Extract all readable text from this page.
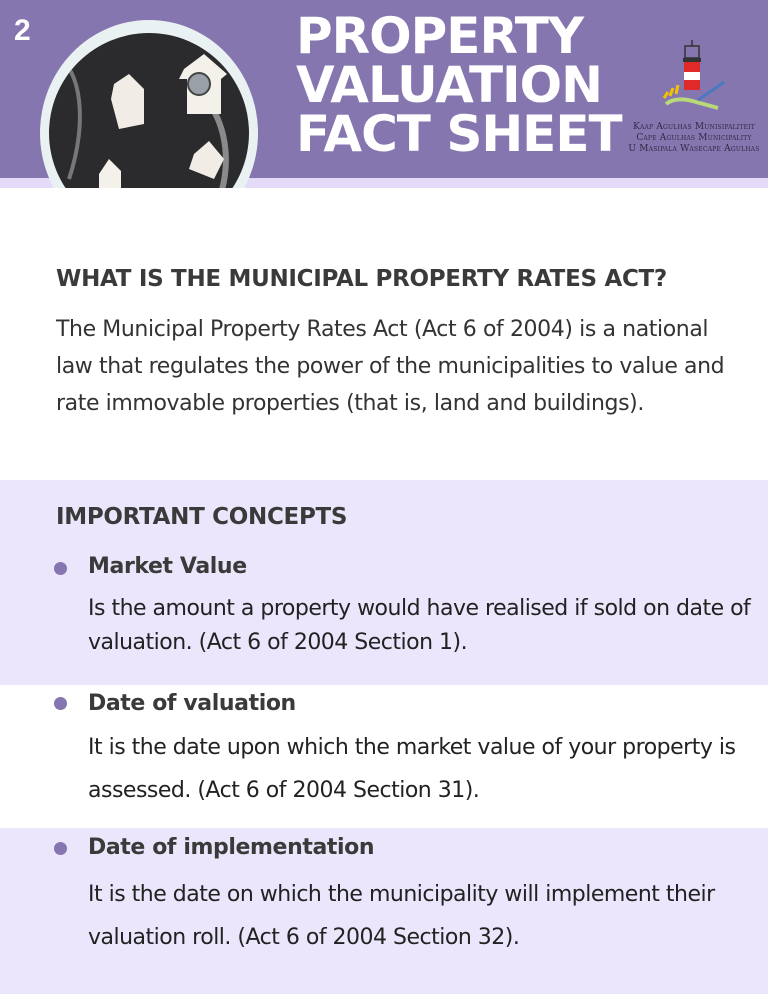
2	PROPERTY
VALUATION
FACT SHEET	Kaap Agulhas Munisipaliteit
Cape Agulhas Municipality
U Masipala Wasecape Agulhas
WHAT IS THE MUNICIPAL PROPERTY RATES ACT?

The Municipal Property Rates Act (Act 6 of 2004) is a national law that regulates the power of the municipalities to value and rate immovable properties (that is, land and buildings).

IMPORTANT CONCEPTS
Market Value

Is the amount a property would have realised if sold on date of valuation. (Act 6 of 2004 Section 1).

Date of valuation

It is the date upon which the market value of your property is assessed. (Act 6 of 2004 Section 31).

Date of implementation

It is the date on which the municipality will implement their valuation roll. (Act 6 of 2004 Section 32).
